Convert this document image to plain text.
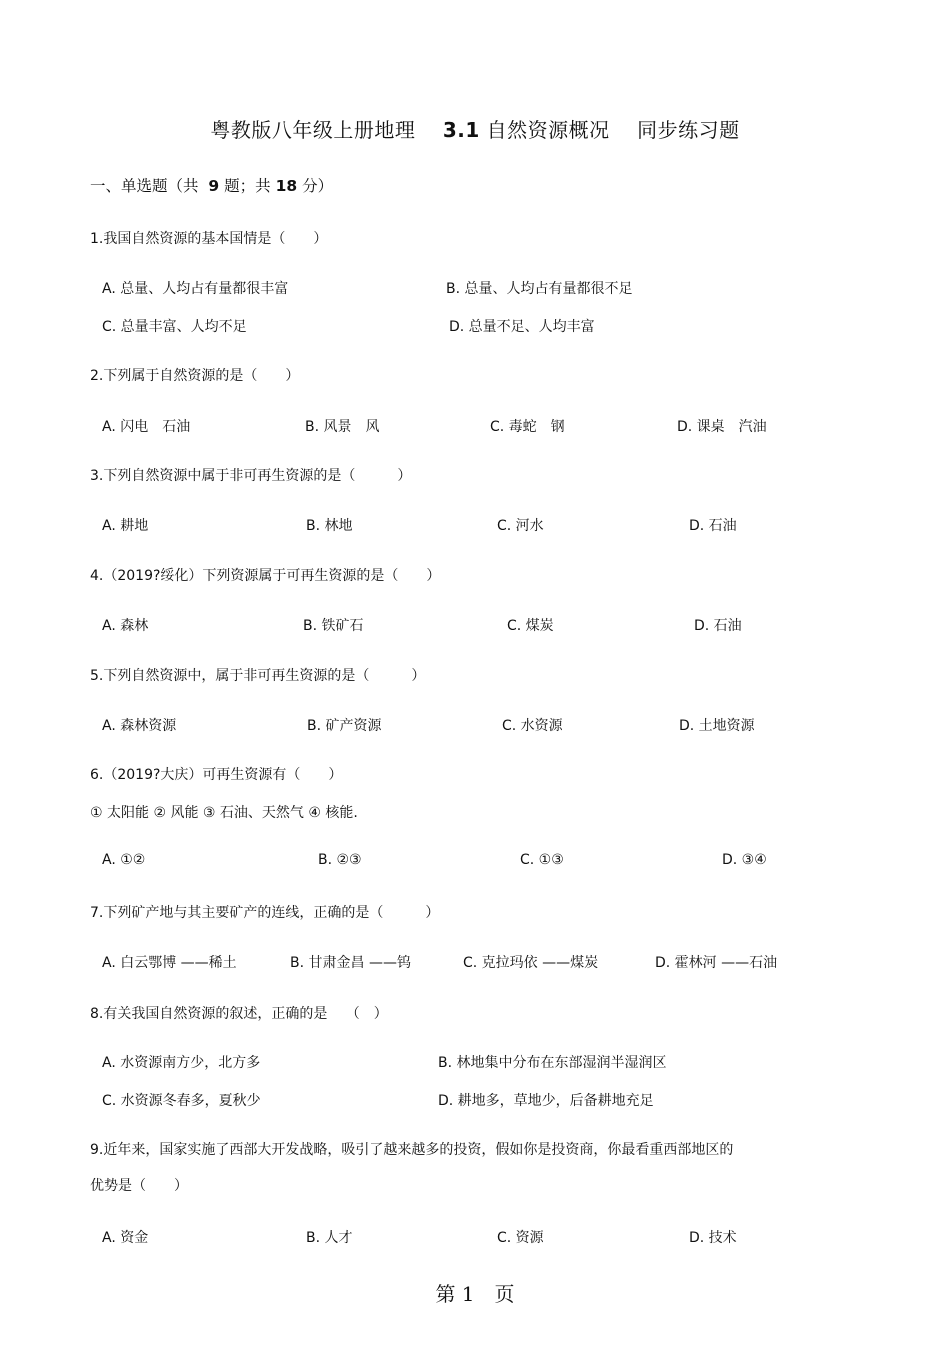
粤教版八年级上册地理 3.1 自然资源概况 同步练习题
一、单选题（共 9 题；共 18 分）
1.我国自然资源的基本国情是（　　）
A. 总量、人均占有量都很丰富	B. 总量、人均占有量都很不足
C. 总量丰富、人均不足	D. 总量不足、人均丰富
2.下列属于自然资源的是（　　）
A. 闪电　石油	B. 风景　风	C. 毒蛇　钢	D. 课桌　汽油
3.下列自然资源中属于非可再生资源的是（　　　）
A. 耕地	B. 林地	C. 河水	D. 石油
4.（2019?绥化）下列资源属于可再生资源的是（　　）
A. 森林	B. 铁矿石	C. 煤炭	D. 石油
5.下列自然资源中，属于非可再生资源的是（　　　）
A. 森林资源	B. 矿产资源	C. 水资源	D. 土地资源
6.（2019?大庆）可再生资源有（　　）
① 太阳能 ② 风能 ③ 石油、天然气 ④ 核能.
A. ①②	B. ②③	C. ①③	D. ③④
7.下列矿产地与其主要矿产的连线，正确的是（　　　）
A. 白云鄂博 ——稀土	B. 甘肃金昌 ——钨	C. 克拉玛依 ——煤炭	D. 霍林河 ——石油
8.有关我国自然资源的叙述，正确的是　 （　）
A. 水资源南方少，北方多	B. 林地集中分布在东部湿润半湿润区
C. 水资源冬春多，夏秋少	D. 耕地多，草地少，后备耕地充足
9.近年来，国家实施了西部大开发战略，吸引了越来越多的投资，假如你是投资商，你最看重西部地区的
优势是（　　）
A. 资金	B. 人才	C. 资源	D. 技术
第 1　页
